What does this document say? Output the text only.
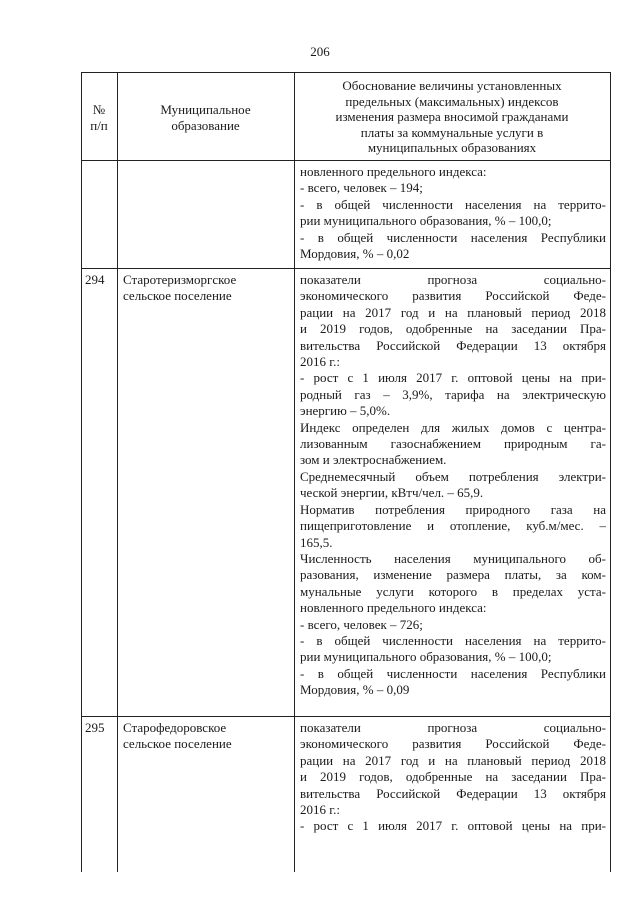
206
№
п/п
Муниципальное
образование
Обоснование величины установленных
предельных (максимальных) индексов
изменения размера вносимой гражданами
платы за коммунальные услуги в
муниципальных образованиях
новленного предельного индекса:
- всего, человек – 194;
- в общей численности населения на террито-
рии муниципального образования, % – 100,0;
- в общей численности населения Республики
Мордовия, % – 0,02
294 Старотеризморгское
сельское поселение
показатели прогноза социально-
экономического развития Российской Феде-
рации на 2017 год и на плановый период 2018
и 2019 годов, одобренные на заседании Пра-
вительства Российской Федерации 13 октября
2016 г.:
- рост с 1 июля 2017 г. оптовой цены на при-
родный газ – 3,9%, тарифа на электрическую
энергию – 5,0%.
Индекс определен для жилых домов с центра-
лизованным газоснабжением природным га-
зом и электроснабжением.
Среднемесячный объем потребления электри-
ческой энергии, кВтч/чел. – 65,9.
Норматив потребления природного газа на
пищеприготовление и отопление, куб.м/мес. –
165,5.
Численность населения муниципального об-
разования, изменение размера платы, за ком-
мунальные услуги которого в пределах уста-
новленного предельного индекса:
- всего, человек – 726;
- в общей численности населения на террито-
рии муниципального образования, % – 100,0;
- в общей численности населения Республики
Мордовия, % – 0,09
295 Старофедоровское
сельское поселение
показатели прогноза социально-
экономического развития Российской Феде-
рации на 2017 год и на плановый период 2018
и 2019 годов, одобренные на заседании Пра-
вительства Российской Федерации 13 октября
2016 г.:
- рост с 1 июля 2017 г. оптовой цены на при-
